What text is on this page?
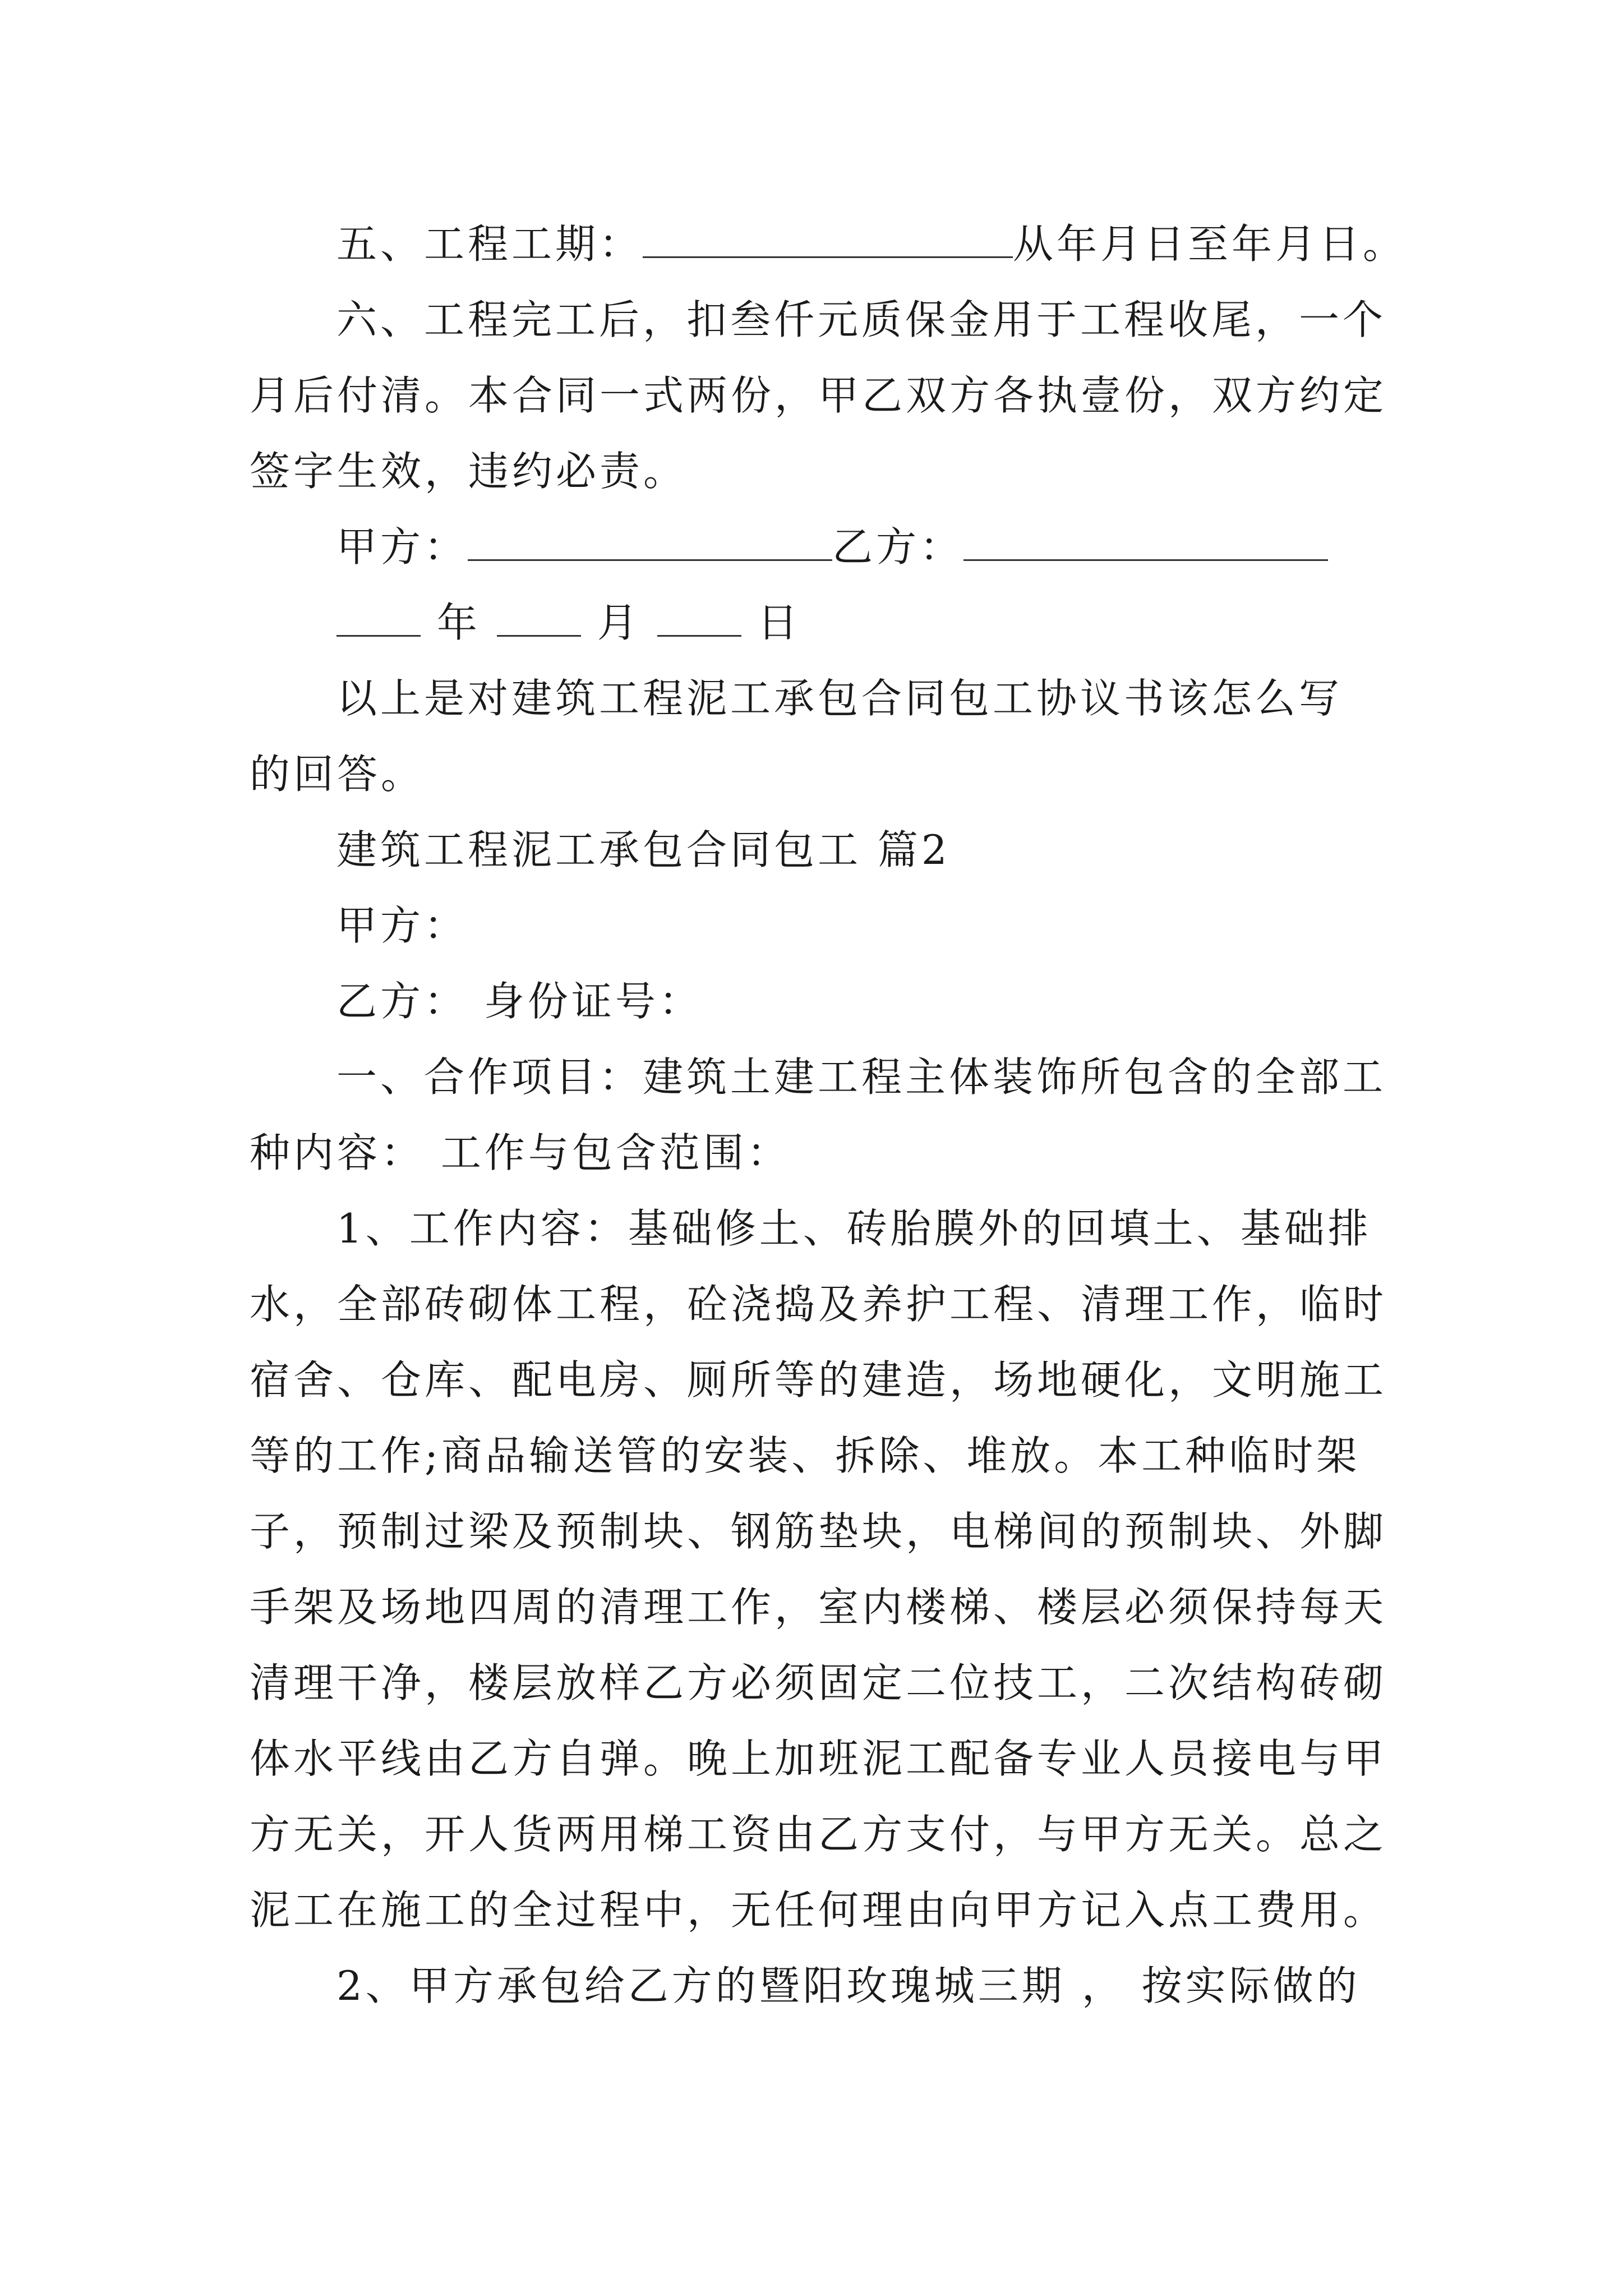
五、工程工期：	从年月日至年月日。
六、工程完工后，扣叁仟元质保金用于工程收尾，一个
月后付清。本合同一式两份，甲乙双方各执壹份，双方约定
签字生效，违约必责。
甲方：	乙方：
年	月	日
以上是对建筑工程泥工承包合同包工协议书该怎么写
的回答。
建筑工程泥工承包合同包工 篇2
甲方：
乙方： 身份证号：
一、合作项目：建筑土建工程主体装饰所包含的全部工
种内容： 工作与包含范围：
1、工作内容：基础修土、砖胎膜外的回填土、基础排
水，全部砖砌体工程，砼浇捣及养护工程、清理工作，临时
宿舍、仓库、配电房、厕所等的建造，场地硬化，文明施工
等的工作;商品输送管的安装、拆除、堆放。本工种临时架
子，预制过梁及预制块、钢筋垫块，电梯间的预制块、外脚
手架及场地四周的清理工作，室内楼梯、楼层必须保持每天
清理干净，楼层放样乙方必须固定二位技工，二次结构砖砌
体水平线由乙方自弹。晚上加班泥工配备专业人员接电与甲
方无关，开人货两用梯工资由乙方支付，与甲方无关。总之
泥工在施工的全过程中，无任何理由向甲方记入点工费用。
2、甲方承包给乙方的暨阳玫瑰城三期 ， 按实际做的
